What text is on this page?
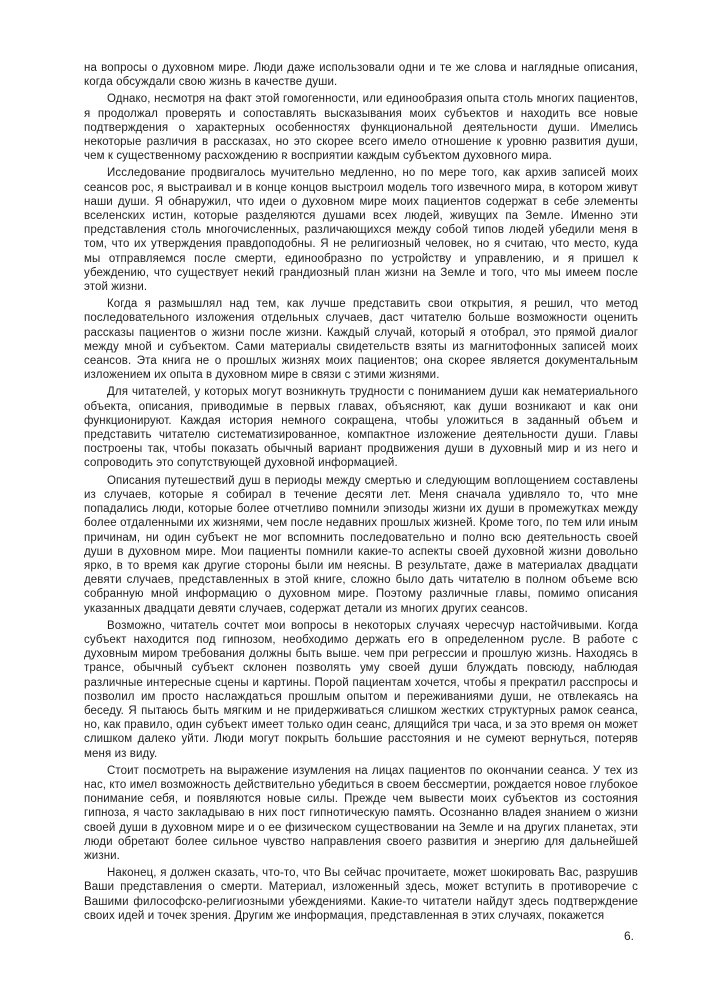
на вопросы о духовном мире. Люди даже использовали одни и те же слова и наглядные описания, когда обсуждали свою жизнь в качестве души.

Однако, несмотря на факт этой гомогенности, или единообразия опыта столь многих пациентов, я продолжал проверять и сопоставлять высказывания моих субъектов и находить все новые подтверждения о характерных особенностях функциональной деятельности души. Имелись некоторые различия в рассказах, но это скорее всего имело отношение к уровню развития души, чем к существенному расхождению ʀ восприятии каждым субъектом духовного мира.

Исследование продвигалось мучительно медленно, но по мере того, как архив записей моих сеансов рос, я выстраивал и в конце концов выстроил модель того извечного мира, в котором живут наши души. Я обнаружил, что идеи о духовном мире моих пациентов содержат в себе элементы вселенских истин, которые разделяются душами всех людей, живущих па Земле. Именно эти представления столь многочисленных, различающихся между собой типов людей убедили меня в том, что их утверждения правдоподобны. Я не религиозный человек, но я считаю, что место, куда мы отправляемся после смерти, единообразно по устройству и управлению, и я пришел к убеждению, что существует некий грандиозный план жизни на Земле и того, что мы имеем после этой жизни.

Когда я размышлял над тем, как лучше представить свои открытия, я решил, что метод последовательного изложения отдельных случаев, даст читателю больше возможности оценить рассказы пациентов о жизни после жизни. Каждый случай, который я отобрал, это прямой диалог между мной и субъектом. Сами материалы свидетельств взяты из магнитофонных записей моих сеансов. Эта книга не о прошлых жизнях моих пациентов; она скорее является документальным изложением их опыта в духовном мире в связи с этими жизнями.

Для читателей, у которых могут возникнуть трудности с пониманием души как нематериального объекта, описания, приводимые в первых главах, объясняют, как души возникают и как они функционируют. Каждая история немного сокращена, чтобы уложиться в заданный объем и представить читателю систематизированное, компактное изложение деятельности души. Главы построены так, чтобы показать обычный вариант продвижения души в духовный мир и из него и сопроводить это сопутствующей духовной информацией.

Описания путешествий душ в периоды между смертью и следующим воплощением составлены из случаев, которые я собирал в течение десяти лет. Меня сначала удивляло то, что мне попадались люди, которые более отчетливо помнили эпизоды жизни их души в промежутках между более отдаленными их жизнями, чем после недавних прошлых жизней. Кроме того, по тем или иным причинам, ни один субъект не мог вспомнить последовательно и полно всю деятельность своей души в духовном мире. Мои пациенты помнили какие-то аспекты своей духовной жизни довольно ярко, в то время как другие стороны были им неясны. В результате, даже в материалах двадцати девяти случаев, представленных в этой книге, сложно было дать читателю в полном объеме всю собранную мной информацию о духовном мире. Поэтому различные главы, помимо описания указанных двадцати девяти случаев, содержат детали из многих других сеансов.

Возможно, читатель сочтет мои вопросы в некоторых случаях чересчур настойчивыми. Когда субъект находится под гипнозом, необходимо держать его в определенном русле. В работе с духовным миром требования должны быть выше. чем при регрессии и прошлую жизнь. Находясь в трансе, обычный субъект склонен позволять уму своей души блуждать повсюду, наблюдая различные интересные сцены и картины. Порой пациентам хочется, чтобы я прекратил расспросы и позволил им просто наслаждаться прошлым опытом и переживаниями души, не отвлекаясь на беседу. Я пытаюсь быть мягким и не придерживаться слишком жестких структурных рамок сеанса, но, как правило, один субъект имеет только один сеанс, длящийся три часа, и за это время он может слишком далеко уйти. Люди могут покрыть большие расстояния и не сумеют вернуться, потеряв меня из виду.

Стоит посмотреть на выражение изумления на лицах пациентов по окончании сеанса. У тех из нас, кто имел возможность действительно убедиться в своем бессмертии, рождается новое глубокое понимание себя, и появляются новые силы. Прежде чем вывести моих субъектов из состояния гипноза, я часто закладываю в них пост гипнотическую память. Осознанно владея знанием о жизни своей души в духовном мире и о ее физическом существовании на Земле и на других планетах, эти люди обретают более сильное чувство направления своего развития и энергию для дальнейшей жизни.

Наконец, я должен сказать, что-то, что Вы сейчас прочитаете, может шокировать Вас, разрушив Ваши представления о смерти. Материал, изложенный здесь, может вступить в противоречие с Вашими философско-религиозными убеждениями. Какие-то читатели найдут здесь подтверждение своих идей и точек зрения. Другим же информация, представленная в этих случаях, покажется

6.
